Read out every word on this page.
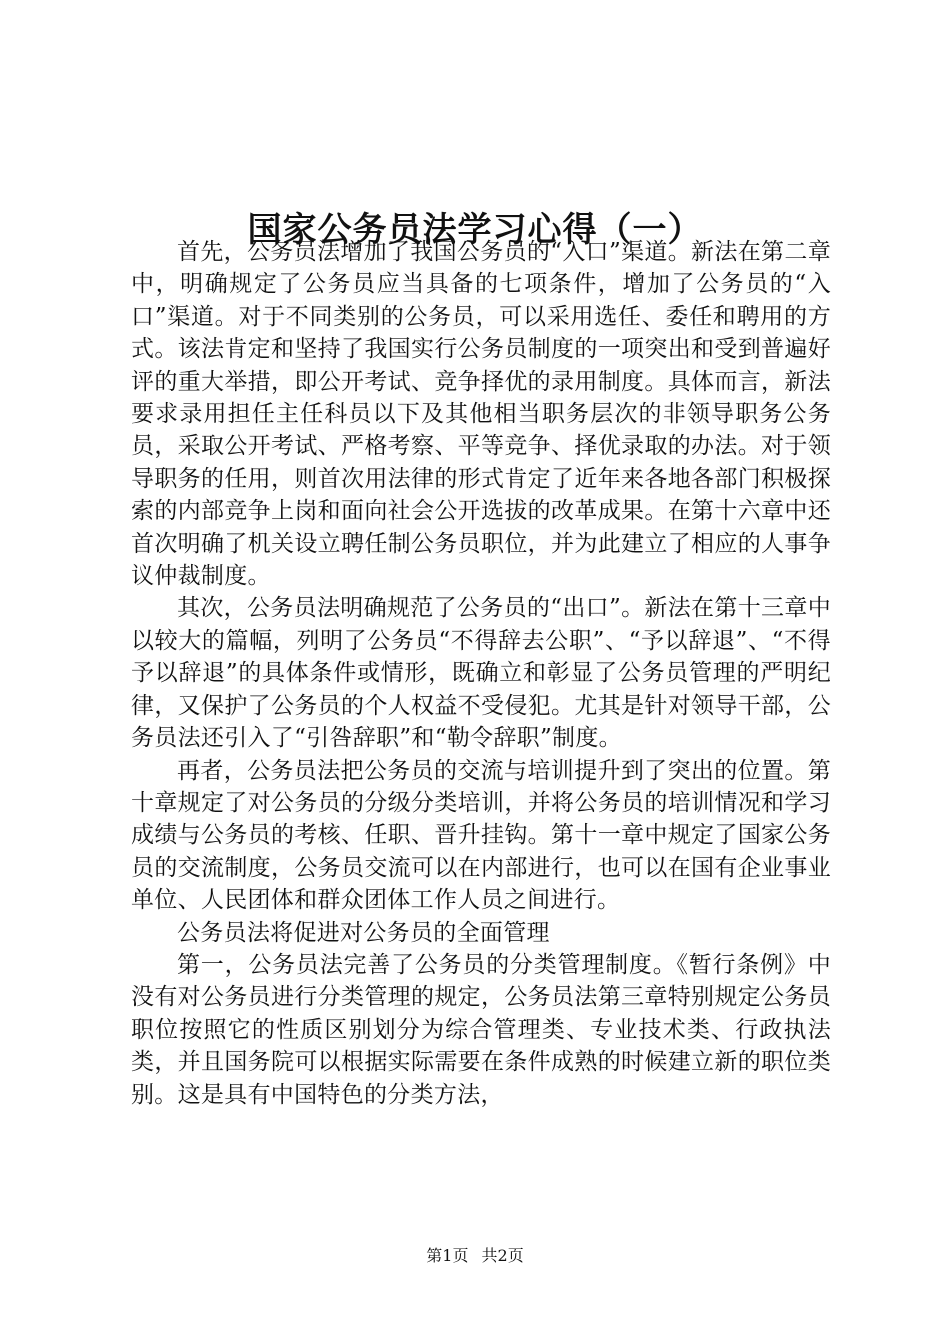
国家公务员法学习心得（一）

首先，公务员法增加了我国公务员的“入口”渠道。新法在第二章中，明确规定了公务员应当具备的七项条件，增加了公务员的“入口”渠道。对于不同类别的公务员，可以采用选任、委任和聘用的方式。该法肯定和坚持了我国实行公务员制度的一项突出和受到普遍好评的重大举措，即公开考试、竞争择优的录用制度。具体而言，新法要求录用担任主任科员以下及其他相当职务层次的非领导职务公务员，采取公开考试、严格考察、平等竞争、择优录取的办法。对于领导职务的任用，则首次用法律的形式肯定了近年来各地各部门积极探索的内部竞争上岗和面向社会公开选拔的改革成果。在第十六章中还首次明确了机关设立聘任制公务员职位，并为此建立了相应的人事争议仲裁制度。

其次，公务员法明确规范了公务员的“出口”。新法在第十三章中以较大的篇幅，列明了公务员“不得辞去公职”、“予以辞退”、“不得予以辞退”的具体条件或情形，既确立和彰显了公务员管理的严明纪律，又保护了公务员的个人权益不受侵犯。尤其是针对领导干部，公务员法还引入了“引咎辞职”和“勒令辞职”制度。

再者，公务员法把公务员的交流与培训提升到了突出的位置。第十章规定了对公务员的分级分类培训，并将公务员的培训情况和学习成绩与公务员的考核、任职、晋升挂钩。第十一章中规定了国家公务员的交流制度，公务员交流可以在内部进行，也可以在国有企业事业单位、人民团体和群众团体工作人员之间进行。

公务员法将促进对公务员的全面管理

第一，公务员法完善了公务员的分类管理制度。《暂行条例》中没有对公务员进行分类管理的规定，公务员法第三章特别规定公务员职位按照它的性质区别划分为综合管理类、专业技术类、行政执法类，并且国务院可以根据实际需要在条件成熟的时候建立新的职位类别。这是具有中国特色的分类方法，

第1页 共2页
